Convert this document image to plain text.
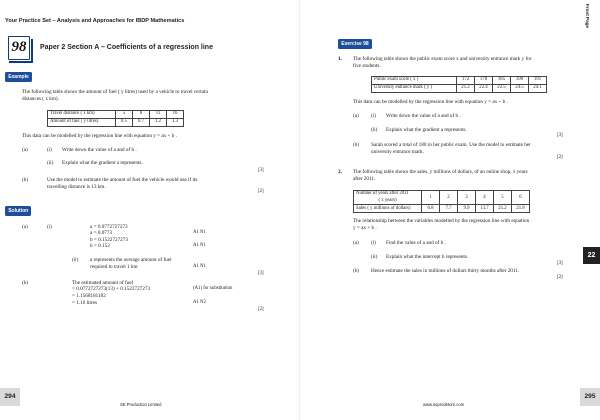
Your Practice Set – Analysis and Approaches for IBDP Mathematics
98	Paper 2 Section A – Coefficients of a regression line
Example
The following table shows the amount of fuel ( y litres) used by a vehicle to travel certain
distances ( x km).
Travel distance ( x km)	5	8	11	16
Amount of fuel ( y litres)	0.5	0.7	1.2	1.3
This data can be modelled by the regression line with equation y = ax + b .
(a)	(i) Write down the value of a and of b .
(ii) Explain what the gradient a represents.
[3]
(b)	Use the model to estimate the amount of fuel the vehicle would use if its
travelling distance is 13 km.
[2]
Solution
(a)	(i)	a = 0.0772727273
a = 0.0773	A1 N1
b = 0.1522727273
b = 0.152	A1 N1
(ii) a represents the average amount of fuel
required to travel 1 km	A1 N1
[3]
(b)	The estimated amount of fuel
= 0.0772727273(13) + 0.1522727273	(A1) for substitution
= 1.1568181182
= 1.16 litres	A1 N2
[2]
Front Page
Exercise 98
1. The following table shows the public exam score x and university entrance mark y for
five students.
Public exam score ( x )	172	178	185	190	191
University entrance mark ( y )	21.2	22.4	22.5	24.5	24.1
This data can be modelled by the regression line with equation y = ax + b .
(a) (i) Write down the value of a and of b .
(ii) Explain what the gradient a represents.
[3]
(b) Sarah scored a total of 180 in her public exam. Use the model to estimate her
university entrance mark.
[2]
2. The following table shows the sales, y millions of dollars, of an online shop, x years
after 2011.
Number of years after 2011
( x years)	1	2	3	4	5	6
Sales ( y millions of dollars)	6.8	7.7	9.9	13.7	21.2	21.8
The relationship between the variables modelled by the regression line with equation
y = ax + b .
(a) (i) Find the value of a and of b .
(ii) Explain what the intercept b represents.
[3]
(b) Hence estimate the sales in millions of dollars thirty months after 2011.
[2]
22
294
SE Production Limited	www.seprodstore.com
295
